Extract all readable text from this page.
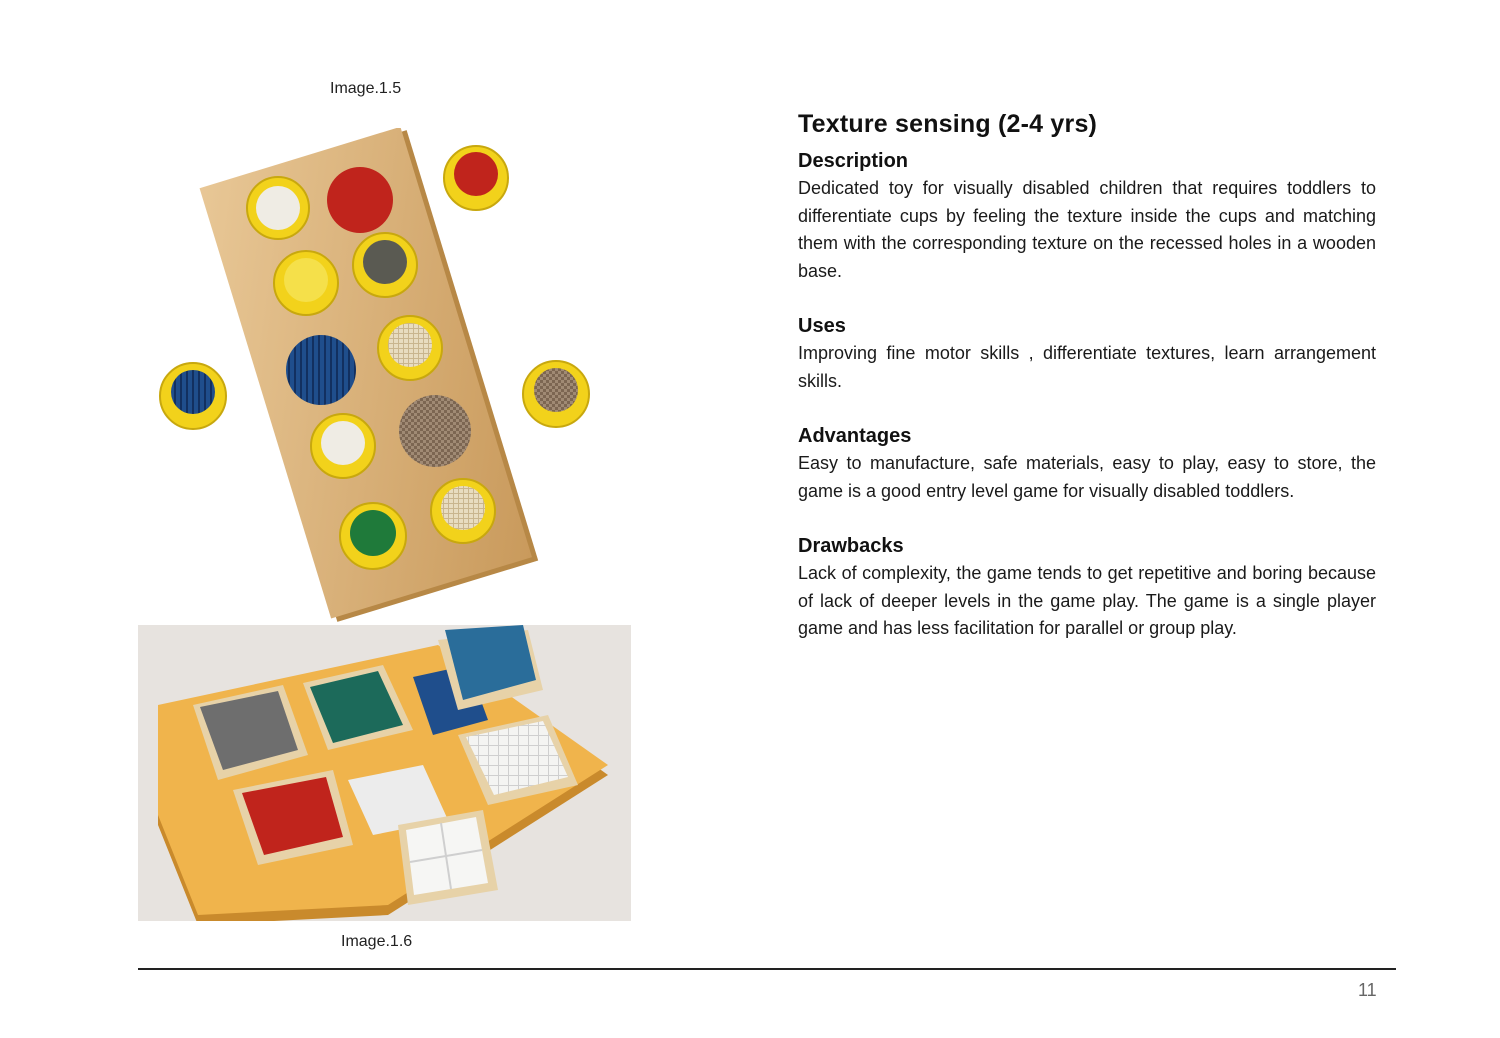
Image.1.5
Image.1.6
Texture sensing (2-4 yrs)
Description

Dedicated toy for visually disabled children that requires toddlers to differentiate cups by feeling the texture inside the cups and matching them with the corresponding texture on the recessed holes in a wooden base.

Uses

Improving fine motor skills , differentiate textures, learn arrangement skills.

Advantages

Easy to manufacture, safe materials, easy to play, easy to store, the game is a good entry level game for visually disabled toddlers.

Drawbacks

Lack of complexity, the game tends to get repetitive and boring because of lack of deeper levels in the game play. The game is a single player game and has less facilitation for parallel or group play.

11
